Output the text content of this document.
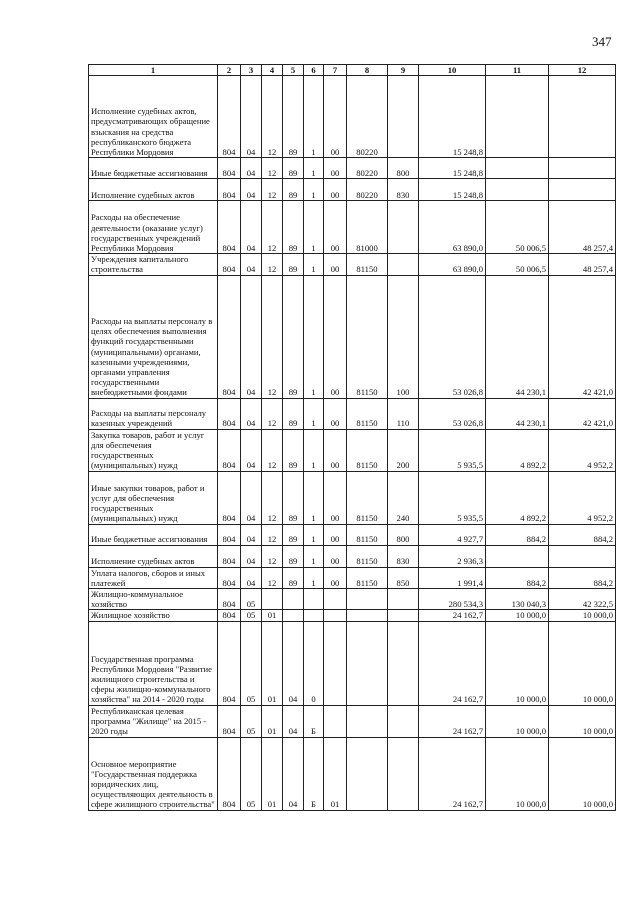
347
1	2	3	4	5	6	7	8	9	10	11	12
Исполнение судебных актов, предусматривающих обращение взыскания на средства республиканского бюджета Республики Мордовия	804	04	12	89	1	00	80220		15 248,8		
Иные бюджетные ассигнования	804	04	12	89	1	00	80220	800	15 248,8		
Исполнение судебных актов	804	04	12	89	1	00	80220	830	15 248,8		
Расходы на обеспечение деятельности (оказание услуг) государственных учреждений Республики Мордовия	804	04	12	89	1	00	81000		63 890,0	50 006,5	48 257,4
Учреждения капитального строительства	804	04	12	89	1	00	81150		63 890,0	50 006,5	48 257,4
Расходы на выплаты персоналу в целях обеспечения выполнения функций государственными (муниципальными) органами, казенными учреждениями, органами управления государственными внебюджетными фондами	804	04	12	89	1	00	81150	100	53 026,8	44 230,1	42 421,0
Расходы на выплаты персоналу казенных учреждений	804	04	12	89	1	00	81150	110	53 026,8	44 230,1	42 421,0
Закупка товаров, работ и услуг для обеспечения государственных (муниципальных) нужд	804	04	12	89	1	00	81150	200	5 935,5	4 892,2	4 952,2
Иные закупки товаров, работ и услуг для обеспечения государственных (муниципальных) нужд	804	04	12	89	1	00	81150	240	5 935,5	4 892,2	4 952,2
Иные бюджетные ассигнования	804	04	12	89	1	00	81150	800	4 927,7	884,2	884,2
Исполнение судебных актов	804	04	12	89	1	00	81150	830	2 936,3		
Уплата налогов, сборов и иных платежей	804	04	12	89	1	00	81150	850	1 991,4	884,2	884,2
Жилищно-коммунальное хозяйство	804	05							280 534,3	130 040,3	42 322,5
Жилищное хозяйство	804	05	01						24 162,7	10 000,0	10 000,0
Государственная программа Республики Мордовия "Развитие жилищного строительства и сферы жилищно-коммунального хозяйства" на 2014 - 2020 годы	804	05	01	04	0				24 162,7	10 000,0	10 000,0
Республиканская целевая программа "Жилище" на 2015 - 2020 годы	804	05	01	04	Б				24 162,7	10 000,0	10 000,0
Основное мероприятие "Государственная поддержка юридических лиц, осуществляющих деятельность в сфере жилищного строительства"	804	05	01	04	Б	01			24 162,7	10 000,0	10 000,0
